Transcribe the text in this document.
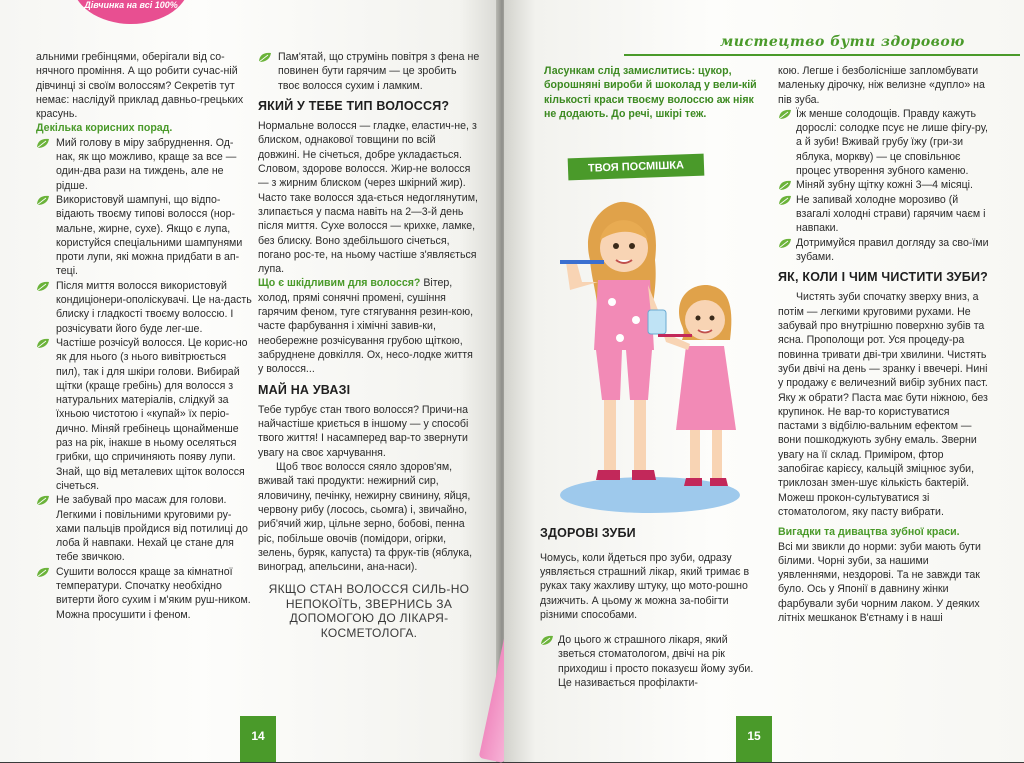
Дівчинка на всі 100%

альними гребінцями, оберігали від со-нячного проміння. А що робити сучас-ній дівчинці зі своїм волоссям? Секретів тут немає: наслідуй приклад давньо-грецьких красунь.

Декілька корисних порад.

Мий голову в міру забруднення. Од-нак, як що можливо, краще за все — один-два рази на тиждень, але не рідше.

Використовуй шампуні, що відпо-відають твоєму типові волосся (нор-мальне, жирне, сухе). Якщо є лупа, користуйся спеціальними шампунями проти лупи, які можна придбати в ап-теці.

Після миття волосся використовуй кондиціонери-ополіскувачі. Це на-дасть блиску і гладкості твоєму волоссю. І розчісувати його буде лег-ше.

Частіше розчісуй волосся. Це корис-но як для нього (з нього вивітрюється пил), так і для шкіри голови. Вибирай щітки (краще гребінь) для волосся з натуральних матеріалів, слідкуй за їхньою чистотою і «купай» їх періо-дично. Міняй гребінець щонайменше раз на рік, інакше в ньому оселяться грибки, що спричиняють появу лупи. Знай, що від металевих щіток волосся січеться.

Не забувай про масаж для голови. Легкими і повільними круговими ру-хами пальців пройдися від потилиці до лоба й навпаки. Нехай це стане для тебе звичкою.

Сушити волосся краще за кімнатної температури. Спочатку необхідно витерти його сухим і м'яким руш-ником. Можна просушити і феном.

Пам'ятай, що струмінь повітря з фена не повинен бути гарячим — це зробить твоє волосся сухим і ламким.

ЯКИЙ У ТЕБЕ ТИП ВОЛОССЯ?

Нормальне волосся — гладке, еластич-не, з блиском, однакової товщини по всій довжині. Не січеться, добре укладається. Словом, здорове волосся. Жир-не волосся — з жирним блиском (через шкірний жир). Часто таке волосся зда-ється недоглянутим, злипається у пасма навіть на 2—3-й день після миття. Сухе волосся — крихке, ламке, без блиску. Воно здебільшого січеться, погано рос-те, на ньому частіше з'являється лупа.

Що є шкідливим для волосся? Вітер, холод, прямі сонячні промені, сушіння гарячим феном, туге стягування резин-кою, часте фарбування і хімічні завив-ки, необережне розчісування грубою щіткою, забруднене довкілля. Ох, несо-лодке життя у волосся...

МАЙ НА УВАЗІ

Тебе турбує стан твого волосся? Причи-на найчастіше криється в іншому — у способі твого життя! І насамперед вар-то звернути увагу на своє харчування.

Щоб твоє волосся сяяло здоров'ям, вживай такі продукти: нежирний сир, яловичину, печінку, нежирну свинину, яйця, червону рибу (лосось, сьомга) і, звичайно, риб'ячий жир, цільне зерно, бобові, пенна ріс, побільше овочів (помідори, огірки, зелень, буряк, капуста) та фрук-тів (яблука, виноград, апельсини, ана-наси).

ЯКЩО СТАН ВОЛОССЯ СИЛЬ-НО НЕПОКОЇТЬ, ЗВЕРНИСЬ ЗА ДОПОМОГОЮ ДО ЛІКАРЯ-КОСМЕТОЛОГА.
14
мистецтво бути здоровою
Ласункам слід замислитись: цукор, борошняні вироби й шоколад у вели-кій кількості краси твоєму волоссю аж ніяк не додають. До речі, шкірі теж.
ТВОЯ ПОСМІШКА
ЗДОРОВІ ЗУБИ

Чомусь, коли йдеться про зуби, одразу уявляється страшний лікар, який тримає в руках таку жахливу штуку, що мото-рошно дзижчить. А цьому ж можна за-побігти різними способами.

До цього ж страшного лікаря, який зветься стоматологом, двічі на рік приходиш і просто показуєш йому зуби. Це називається профілакти-

кою. Легше і безболісніше запломбувати маленьку дірочку, ніж велизне «дупло» на пів зуба.

Їж менше солодощів. Правду кажуть дорослі: солодке псує не лише фігу-ру, а й зуби! Вживай грубу їжу (гри-зи яблука, моркву) — це сповільнює процес утворення зубного каменю.

Міняй зубну щітку кожні 3—4 місяці.

Не запивай холодне морозиво (й взагалі холодні страви) гарячим чаєм і навпаки.

Дотримуйся правил догляду за сво-їми зубами.

ЯК, КОЛИ І ЧИМ ЧИСТИТИ ЗУБИ?

Чистять зуби спочатку зверху вниз, а потім — легкими круговими рухами. Не забувай про внутрішню поверхню зубів та ясна. Прополощи рот. Уся процеду-ра повинна тривати дві-три хвилини. Чистять зуби двічі на день — зранку і ввечері. Нині у продажу є величезний вибір зубних паст. Яку ж обрати? Паста має бути ніжною, без крупинок. Не вар-то користуватися пастами з відбілю-вальним ефектом — вони пошкоджують зубну емаль. Зверни увагу на її склад. Приміром, фтор запобігає карієсу, кальцій зміцнює зуби, триклозан змен-шує кількість бактерій. Можеш прокон-сультуватися зі стоматологом, яку пасту вибрати.

Вигадки та дивацтва зубної краси.

Всі ми звикли до норми: зуби мають бути білими. Чорні зуби, за нашими уявленнями, нездорові. Та не завжди так було. Ось у Японії в давнину жінки фарбували зуби чорним лаком. У деяких літніх мешканок В'єтнаму і в наші

15
